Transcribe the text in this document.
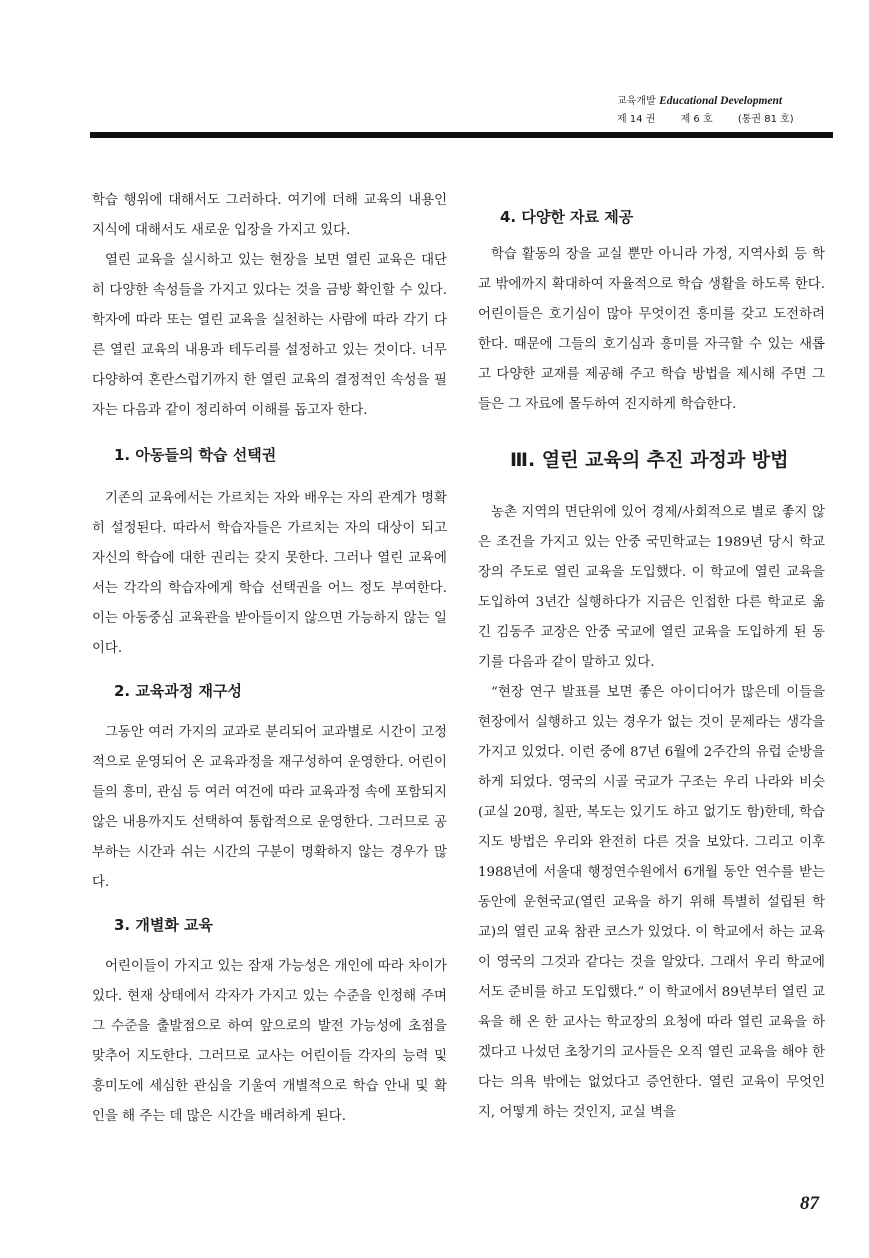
교육개발 Educational Development
제 14 권	제 6 호	(통권 81 호)

학습 행위에 대해서도 그러하다. 여기에 더해 교육의 내용인 지식에 대해서도 새로운 입장을 가지고 있다.

열린 교육을 실시하고 있는 현장을 보면 열린 교육은 대단히 다양한 속성들을 가지고 있다는 것을 금방 확인할 수 있다. 학자에 따라 또는 열린 교육을 실천하는 사람에 따라 각기 다른 열린 교육의 내용과 테두리를 설정하고 있는 것이다. 너무 다양하여 혼란스럽기까지 한 열린 교육의 결정적인 속성을 필자는 다음과 같이 정리하여 이해를 돕고자 한다.

1. 아동들의 학습 선택권

기존의 교육에서는 가르치는 자와 배우는 자의 관계가 명확히 설정된다. 따라서 학습자들은 가르치는 자의 대상이 되고 자신의 학습에 대한 권리는 갖지 못한다. 그러나 열린 교육에서는 각각의 학습자에게 학습 선택권을 어느 정도 부여한다. 이는 아동중심 교육관을 받아들이지 않으면 가능하지 않는 일이다.

2. 교육과정 재구성

그동안 여러 가지의 교과로 분리되어 교과별로 시간이 고정적으로 운영되어 온 교육과정을 재구성하여 운영한다. 어린이들의 흥미, 관심 등 여러 여건에 따라 교육과정 속에 포함되지 않은 내용까지도 선택하여 통합적으로 운영한다. 그러므로 공부하는 시간과 쉬는 시간의 구분이 명확하지 않는 경우가 많다.

3. 개별화 교육

어린이들이 가지고 있는 잠재 가능성은 개인에 따라 차이가 있다. 현재 상태에서 각자가 가지고 있는 수준을 인정해 주며 그 수준을 출발점으로 하여 앞으로의 발전 가능성에 초점을 맞추어 지도한다. 그러므로 교사는 어린이들 각자의 능력 및 흥미도에 세심한 관심을 기울여 개별적으로 학습 안내 및 확인을 해 주는 데 많은 시간을 배려하게 된다.

4. 다양한 자료 제공

학습 활동의 장을 교실 뿐만 아니라 가정, 지역사회 등 학교 밖에까지 확대하여 자율적으로 학습 생활을 하도록 한다. 어린이들은 호기심이 많아 무엇이건 흥미를 갖고 도전하려 한다. 때문에 그들의 호기심과 흥미를 자극할 수 있는 새롭고 다양한 교재를 제공해 주고 학습 방법을 제시해 주면 그들은 그 자료에 몰두하여 진지하게 학습한다.

Ⅲ. 열린 교육의 추진 과정과 방법

농촌 지역의 면단위에 있어 경제/사회적으로 별로 좋지 않은 조건을 가지고 있는 안중 국민학교는 1989년 당시 학교장의 주도로 열린 교육을 도입했다. 이 학교에 열린 교육을 도입하여 3년간 실행하다가 지금은 인접한 다른 학교로 옮긴 김동주 교장은 안중 국교에 열린 교육을 도입하게 된 동기를 다음과 같이 말하고 있다.

“현장 연구 발표를 보면 좋은 아이디어가 많은데 이들을 현장에서 실행하고 있는 경우가 없는 것이 문제라는 생각을 가지고 있었다. 이런 중에 87년 6월에 2주간의 유럽 순방을 하게 되었다. 영국의 시골 국교가 구조는 우리 나라와 비슷(교실 20평, 칠판, 복도는 있기도 하고 없기도 함)한데, 학습 지도 방법은 우리와 완전히 다른 것을 보았다. 그리고 이후 1988년에 서울대 행정연수원에서 6개월 동안 연수를 받는 동안에 운현국교(열린 교육을 하기 위해 특별히 설립된 학교)의 열린 교육 참관 코스가 있었다. 이 학교에서 하는 교육이 영국의 그것과 같다는 것을 알았다. 그래서 우리 학교에서도 준비를 하고 도입했다.” 이 학교에서 89년부터 열린 교육을 해 온 한 교사는 학교장의 요청에 따라 열린 교육을 하겠다고 나섰던 초창기의 교사들은 오직 열린 교육을 해야 한다는 의욕 밖에는 없었다고 증언한다. 열린 교육이 무엇인지, 어떻게 하는 것인지, 교실 벽을

87
